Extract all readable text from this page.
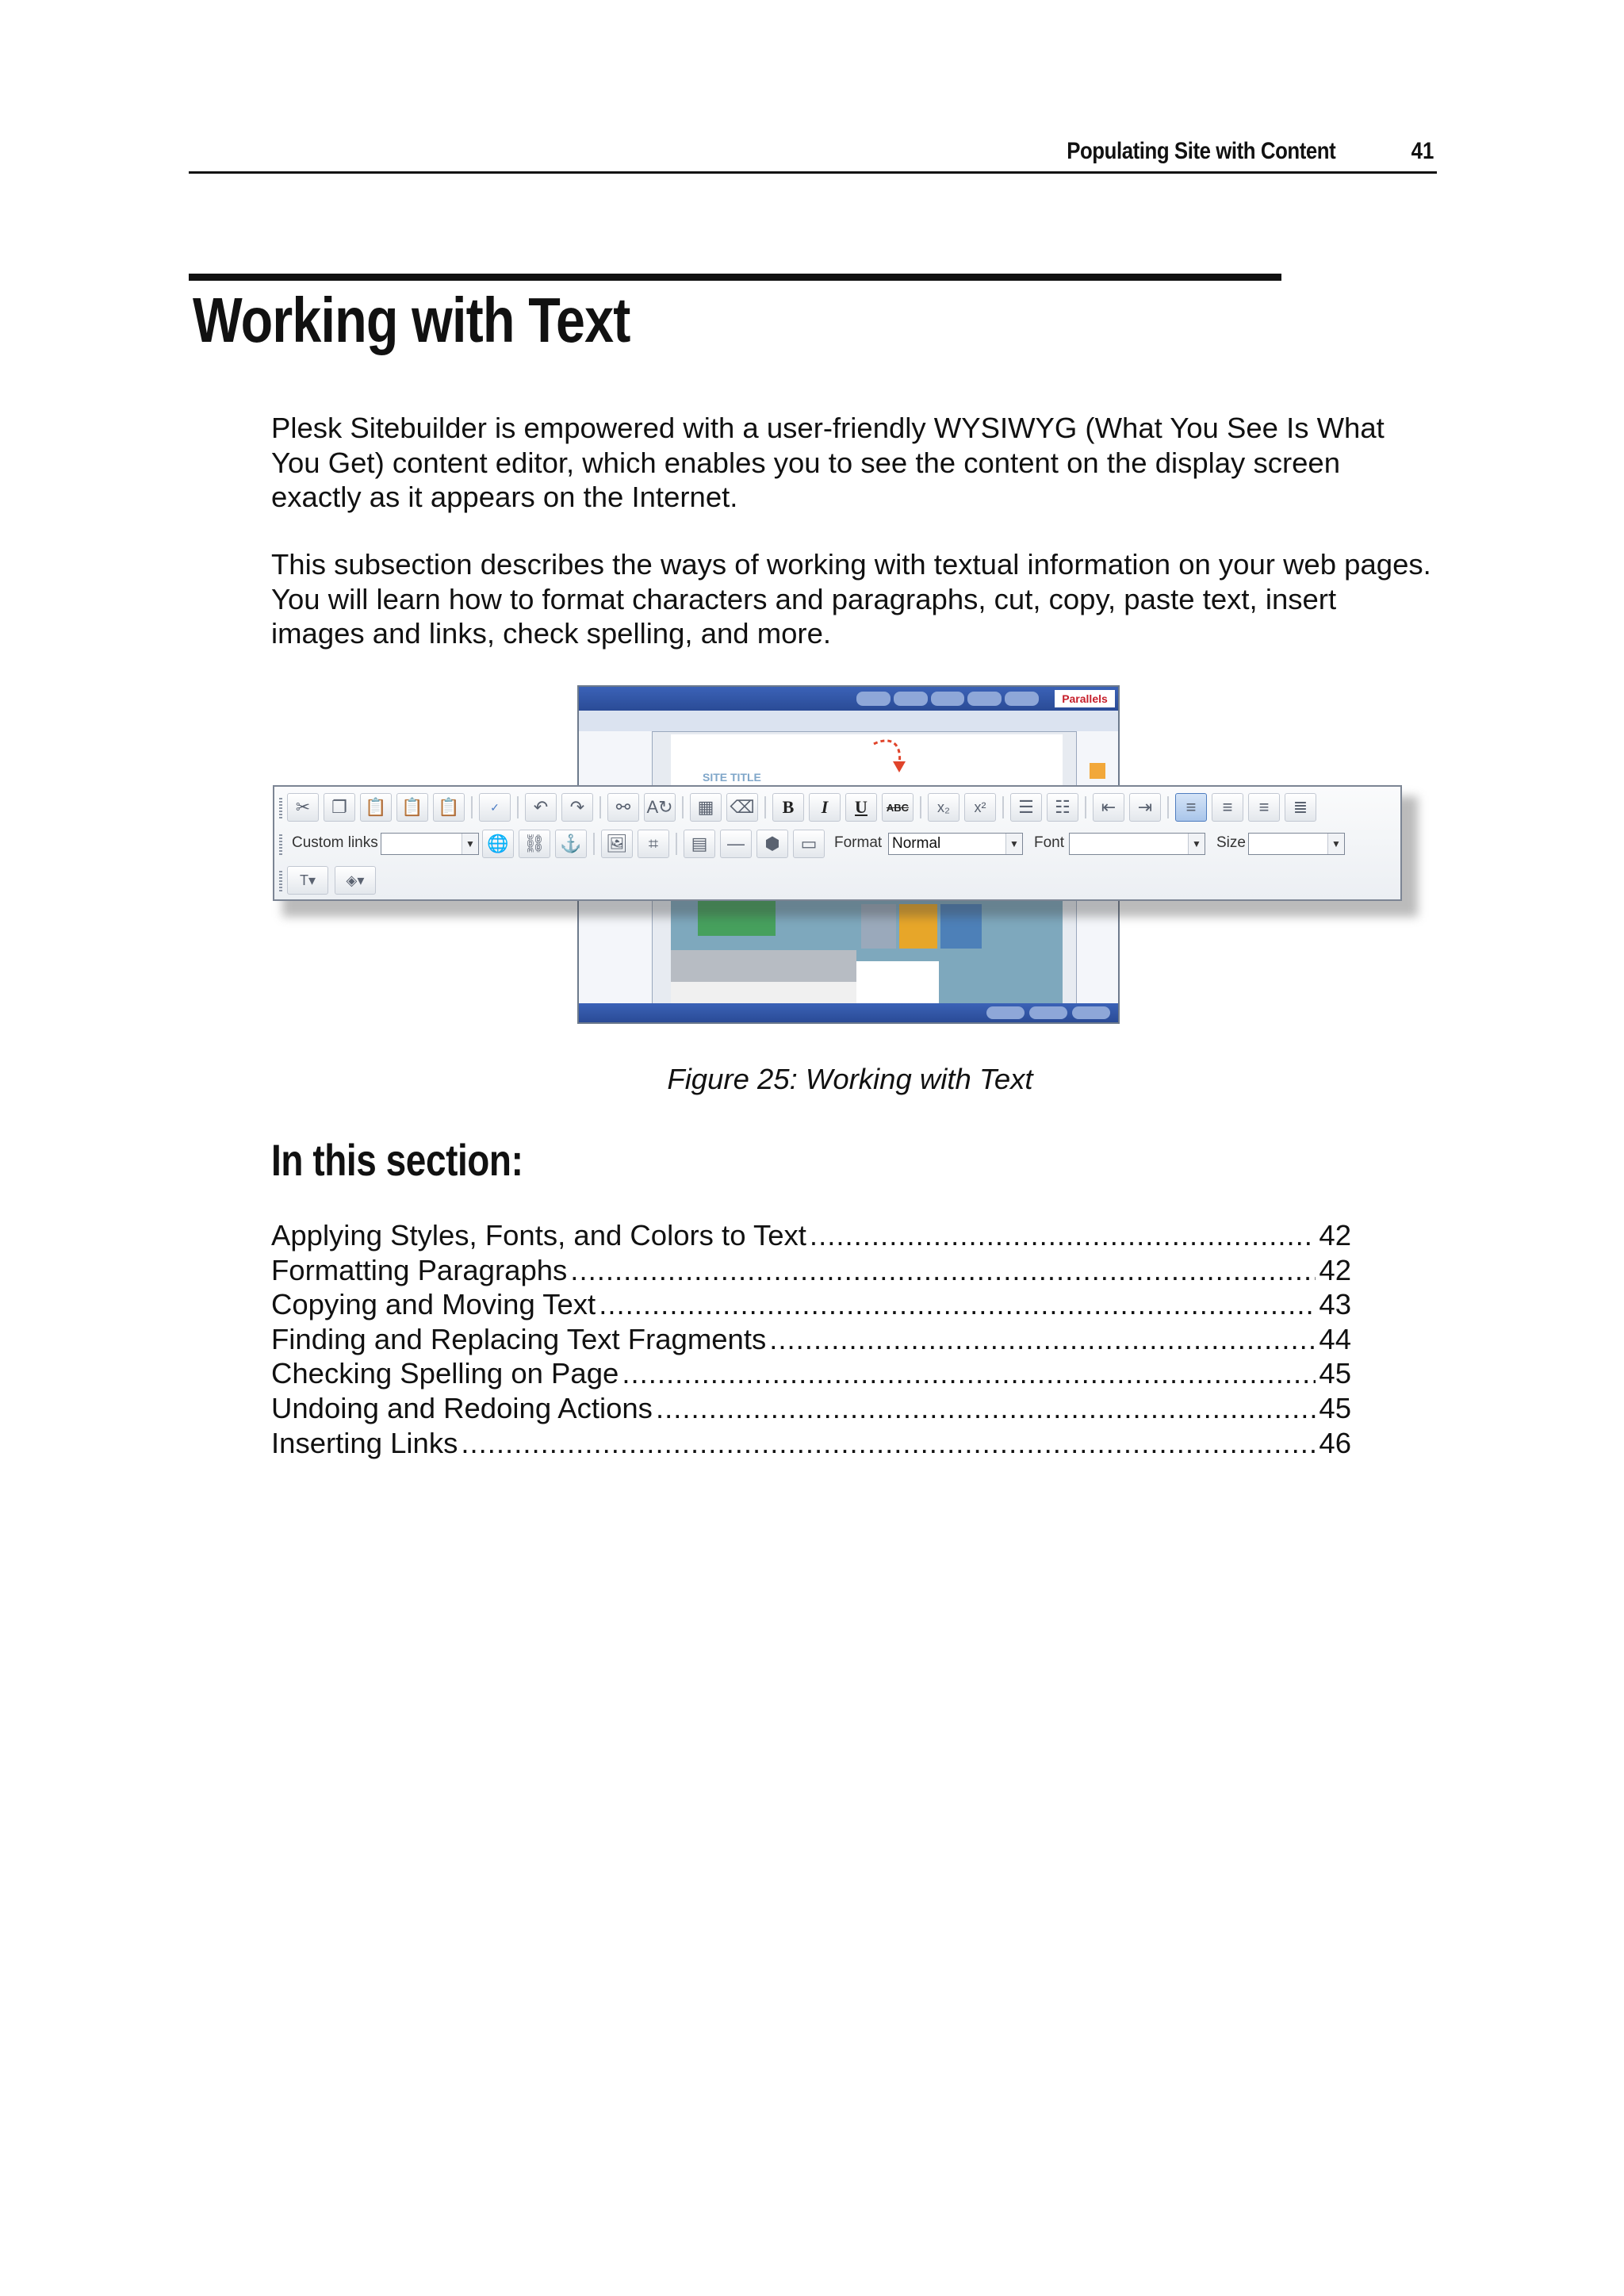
Populating Site with Content	41
Working with Text

Plesk Sitebuilder is empowered with a user-friendly WYSIWYG (What You See Is What You Get) content editor, which enables you to see the content on the display screen exactly as it appears on the Internet.

This subsection describes the ways of working with textual information on your web pages. You will learn how to format characters and paragraphs, cut, copy, paste text, insert images and links, check spelling, and more.

Parallels
SITE TITLE
✂ ❐ 📋 📋 📋	✓ ↶ ↷ ⚯ A↻ ▦ ⌫	B	I	U	ABC	x₂ x² ☰ ☷ ⇤ ⇥ ≡ ≡ ≡ ≣
Custom links	▼ 🌐 ⛓ ⚓ 🖼 ⌗ ▤ ― ⬢ ▭ Format Normal	▼ Font	▼ Size	▼
T▾ ◈▾
Figure 25: Working with Text
In this section:
Applying Styles, Fonts, and Colors to Text .....	42
Formatting Paragraphs .....	42
Copying and Moving Text .....	43
Finding and Replacing Text Fragments .....	44
Checking Spelling on Page .....	45
Undoing and Redoing Actions .....	45
Inserting Links .....	46
